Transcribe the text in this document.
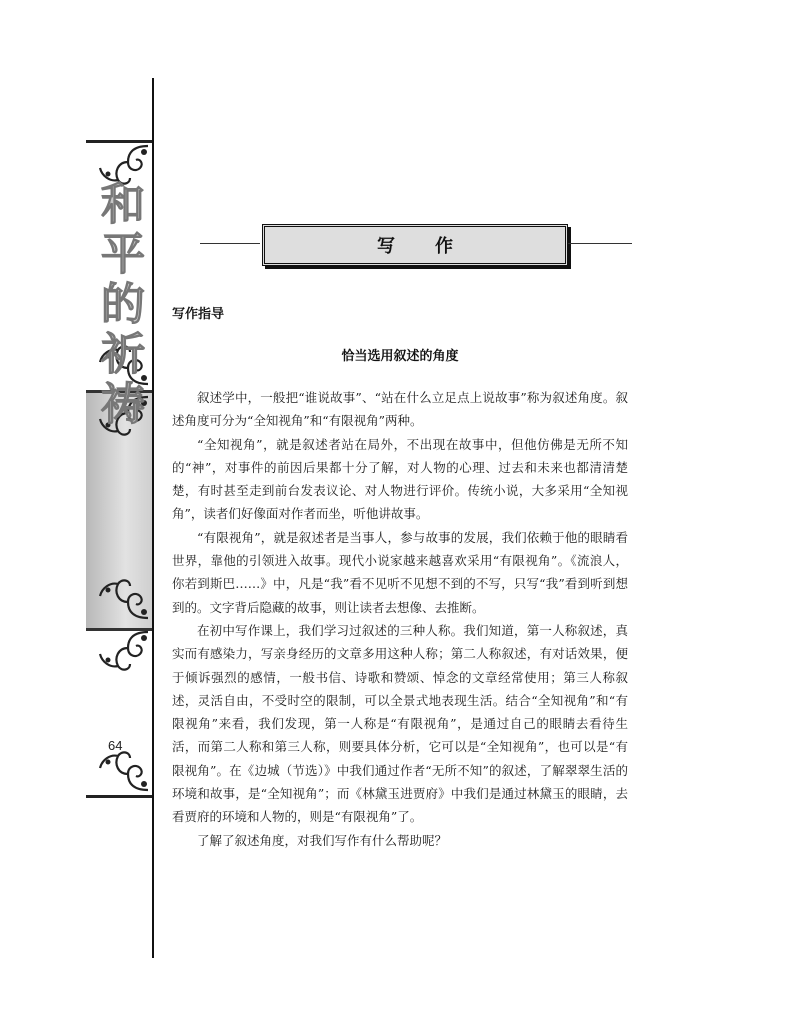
和
平
的
祈
祷
64
写作
写作指导
恰当选用叙述的角度

叙述学中，一般把“谁说故事”、“站在什么立足点上说故事”称为叙述角度。叙述角度可分为“全知视角”和“有限视角”两种。

“全知视角”，就是叙述者站在局外，不出现在故事中，但他仿佛是无所不知的“神”，对事件的前因后果都十分了解，对人物的心理、过去和未来也都清清楚楚，有时甚至走到前台发表议论、对人物进行评价。传统小说，大多采用“全知视角”，读者们好像面对作者而坐，听他讲故事。

“有限视角”，就是叙述者是当事人，参与故事的发展，我们依赖于他的眼睛看世界，靠他的引领进入故事。现代小说家越来越喜欢采用“有限视角”。《流浪人，你若到斯巴……》中，凡是“我”看不见听不见想不到的不写，只写“我”看到听到想到的。文字背后隐藏的故事，则让读者去想像、去推断。

在初中写作课上，我们学习过叙述的三种人称。我们知道，第一人称叙述，真实而有感染力，写亲身经历的文章多用这种人称；第二人称叙述，有对话效果，便于倾诉强烈的感情，一般书信、诗歌和赞颂、悼念的文章经常使用；第三人称叙述，灵活自由，不受时空的限制，可以全景式地表现生活。结合“全知视角”和“有限视角”来看，我们发现，第一人称是“有限视角”，是通过自己的眼睛去看待生活，而第二人称和第三人称，则要具体分析，它可以是“全知视角”，也可以是“有限视角”。在《边城（节选）》中我们通过作者“无所不知”的叙述，了解翠翠生活的环境和故事，是“全知视角”；而《林黛玉进贾府》中我们是通过林黛玉的眼睛，去看贾府的环境和人物的，则是“有限视角”了。

了解了叙述角度，对我们写作有什么帮助呢？
